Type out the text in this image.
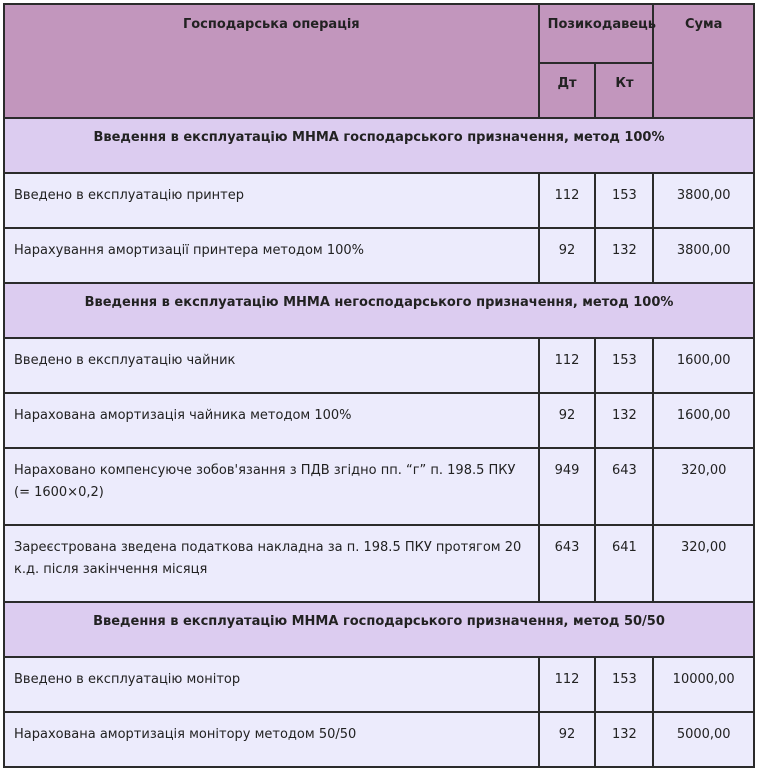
Господарська операція	Позикодавець		Сума
	Дт	Кт	
Введення в експлуатацію МНМА господарського призначення, метод 100%			
Введено в експлуатацію принтер	112	153	3800,00
Нарахування амортизації принтера методом 100%	92	132	3800,00
Введення в експлуатацію МНМА негосподарського призначення, метод 100%			
Введено в експлуатацію чайник	112	153	1600,00
Нарахована амортизація чайника методом 100%	92	132	1600,00
Нараховано компенсуюче зобов'язання з ПДВ згідно пп. “г” п. 198.5 ПКУ (= 1600×0,2)	949	643	320,00
Зареєстрована зведена податкова накладна за п. 198.5 ПКУ протягом 20 к.д. після закінчення місяця	643	641	320,00
Введення в експлуатацію МНМА господарського призначення, метод 50/50			
Введено в експлуатацію монітор	112	153	10000,00
Нарахована амортизація монітору методом 50/50	92	132	5000,00
